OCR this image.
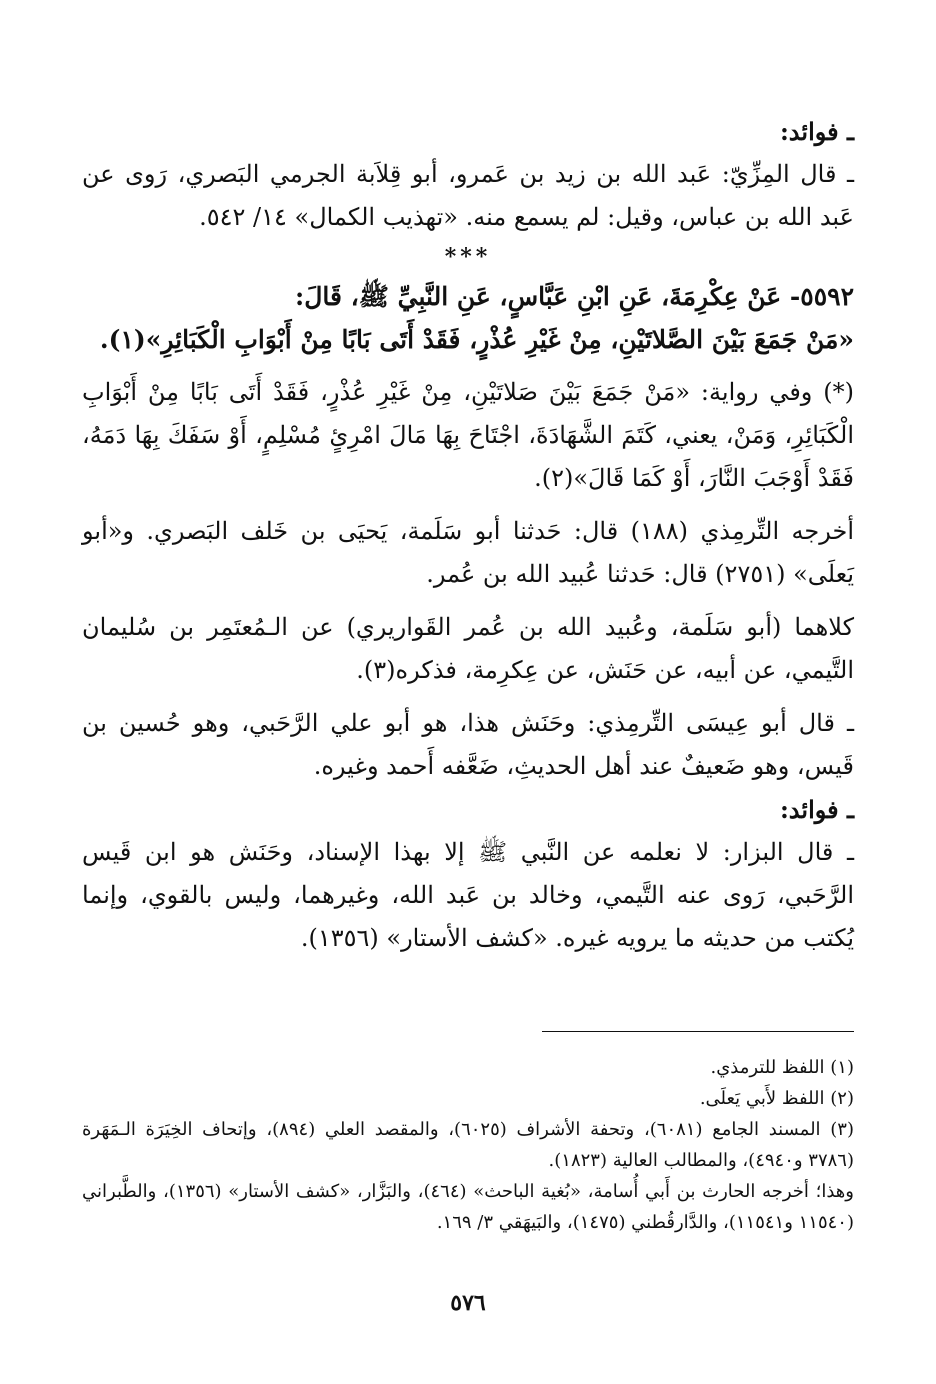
ـ فوائد:

ـ قال المِزِّيّ: عَبد الله بن زيد بن عَمرو، أبو قِلاَبة الجرمي البَصري، رَوى عن عَبد الله بن عباس، وقيل: لم يسمع منه. «تهذيب الكمال» ١٤/ ٥٤٢.

***

٥٥٩٢- عَنْ عِكْرِمَةَ، عَنِ ابْنِ عَبَّاسٍ، عَنِ النَّبِيِّ ﷺ، قَالَ:

«مَنْ جَمَعَ بَيْنَ الصَّلاتَيْنِ، مِنْ غَيْرِ عُذْرٍ، فَقَدْ أَتَى بَابًا مِنْ أَبْوَابِ الْكَبَائِرِ»(١).

(*) وفي رواية: «مَنْ جَمَعَ بَيْنَ صَلاتَيْنِ، مِنْ غَيْرِ عُذْرٍ، فَقَدْ أَتَى بَابًا مِنْ أَبْوَابِ الْكَبَائِرِ، وَمَنْ، يعني، كَتَمَ الشَّهَادَةَ، اجْتَاحَ بِهَا مَالَ امْرِئٍ مُسْلِمٍ، أَوْ سَفَكَ بِهَا دَمَهُ، فَقَدْ أَوْجَبَ النَّارَ، أَوْ كَمَا قَالَ»(٢).

أخرجه التِّرمِذي (١٨٨) قال: حَدثنا أبو سَلَمة، يَحيَى بن خَلف البَصري. و«أبو يَعلَى» (٢٧٥١) قال: حَدثنا عُبيد الله بن عُمر.

كلاهما (أبو سَلَمة، وعُبيد الله بن عُمر القَواريري) عن الـمُعتَمِر بن سُليمان التَّيمي، عن أبيه، عن حَنَش، عن عِكرِمة، فذكره(٣).

ـ قال أبو عِيسَى التِّرمِذي: وحَنَش هذا، هو أبو علي الرَّحَبي، وهو حُسين بن قَيس، وهو ضَعيفٌ عند أهل الحديثِ، ضَعَّفه أَحمد وغيره.

ـ فوائد:

ـ قال البزار: لا نعلمه عن النَّبي ﷺ إلا بهذا الإسناد، وحَنَش هو ابن قَيس الرَّحَبي، رَوى عنه التَّيمي، وخالد بن عَبد الله، وغيرهما، وليس بالقوي، وإنما يُكتب من حديثه ما يرويه غيره. «كشف الأستار» (١٣٥٦).

(١) اللفظ للترمذي.

(٢) اللفظ لأَبي يَعلَى.

(٣) المسند الجامع (٦٠٨١)، وتحفة الأشراف (٦٠٢٥)، والمقصد العلي (٨٩٤)، وإتحاف الخِيَرَة الـمَهَرة (٣٧٨٦ و٤٩٤٠)، والمطالب العالية (١٨٢٣).

وهذا؛ أخرجه الحارث بن أَبي أُسامة، «بُغية الباحث» (٤٦٤)، والبَزَّار، «كشف الأستار» (١٣٥٦)، والطَّبراني (١١٥٤٠ و١١٥٤١)، والدَّارقُطني (١٤٧٥)، والبَيهَقي ٣/ ١٦٩.

٥٧٦
